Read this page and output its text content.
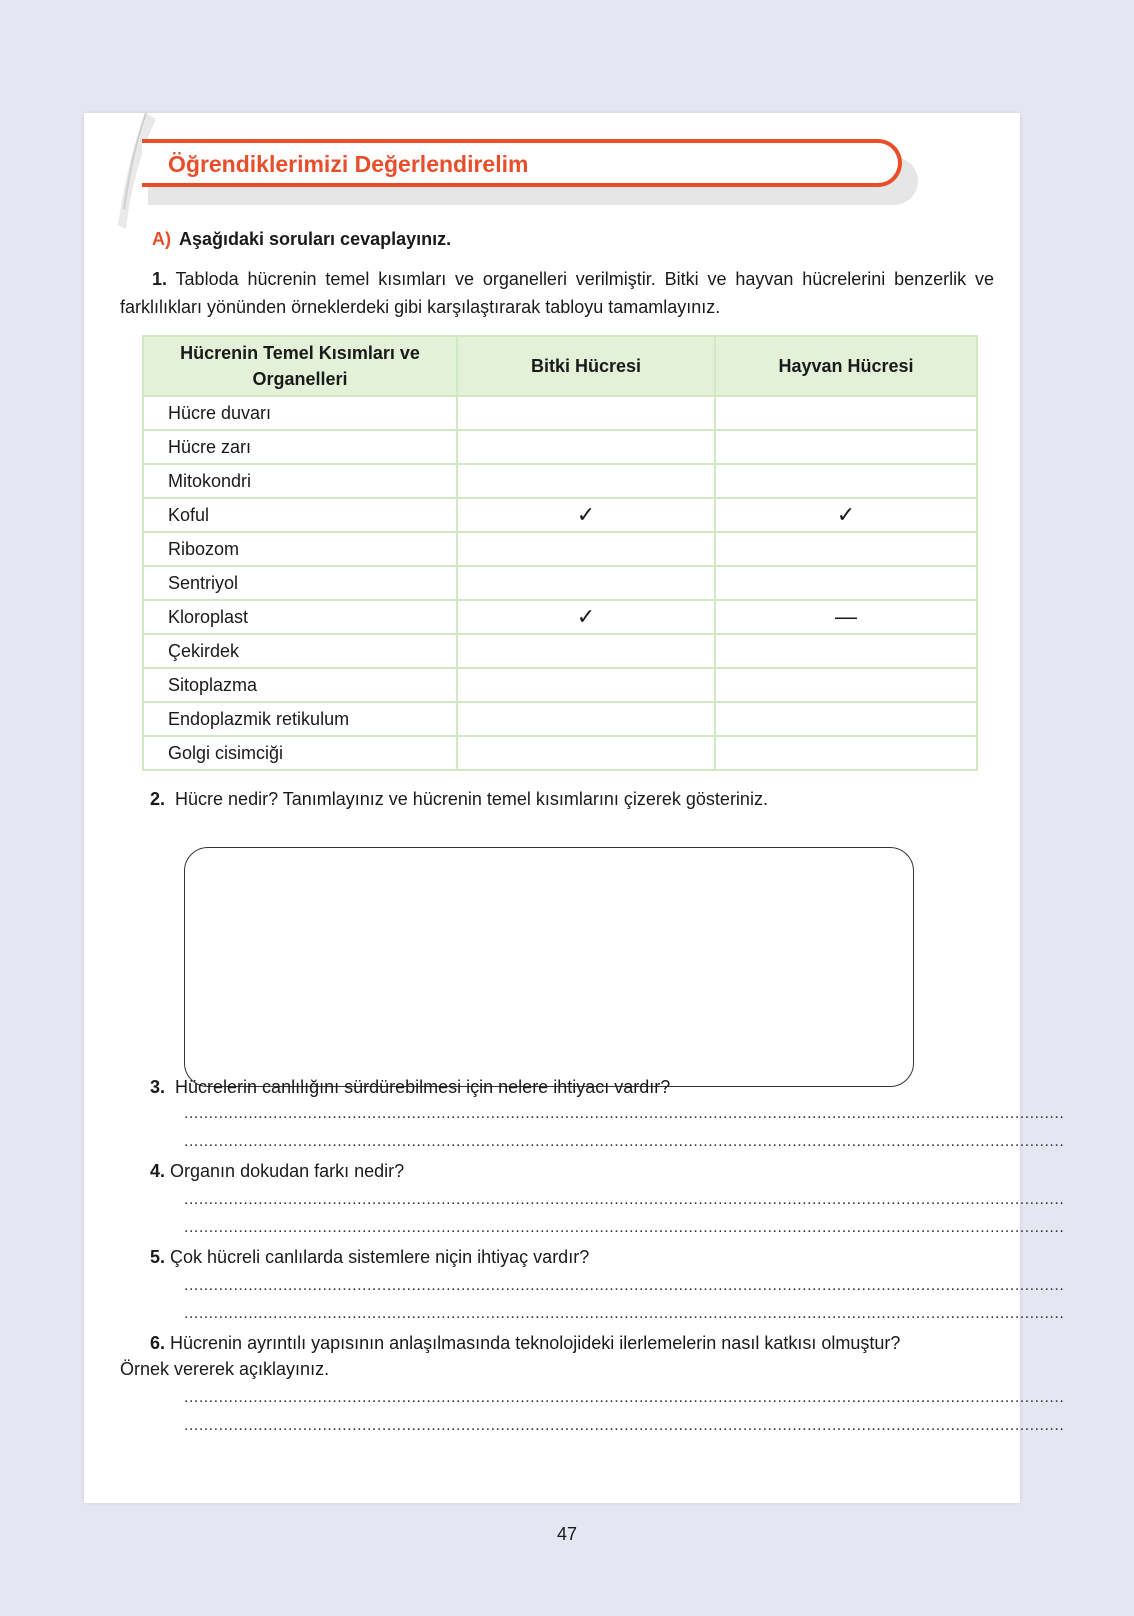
Öğrendiklerimizi Değerlendirelim
A) Aşağıdaki soruları cevaplayınız.
1. Tabloda hücrenin temel kısımları ve organelleri verilmiştir. Bitki ve hayvan hücrelerini benzerlik ve farklılıkları yönünden örneklerdeki gibi karşılaştırarak tabloyu tamamlayınız.
Hücrenin Temel Kısımları ve Organelleri	Bitki Hücresi	Hayvan Hücresi
Hücre duvarı		
Hücre zarı		
Mitokondri		
Koful	✓	✓
Ribozom		
Sentriyol		
Kloroplast	✓	—
Çekirdek		
Sitoplazma		
Endoplazmik retikulum		
Golgi cisimciği		
2. Hücre nedir? Tanımlayınız ve hücrenin temel kısımlarını çizerek gösteriniz.
3. Hücrelerin canlılığını sürdürebilmesi için nelere ihtiyacı vardır?
..................................................................................................................................................................................
..................................................................................................................................................................................
4. Organın dokudan farkı nedir?
..................................................................................................................................................................................
..................................................................................................................................................................................
5. Çok hücreli canlılarda sistemlere niçin ihtiyaç vardır?
..................................................................................................................................................................................
..................................................................................................................................................................................
6. Hücrenin ayrıntılı yapısının anlaşılmasında teknolojideki ilerlemelerin nasıl katkısı olmuştur?
Örnek vererek açıklayınız.
..................................................................................................................................................................................
..................................................................................................................................................................................
47
